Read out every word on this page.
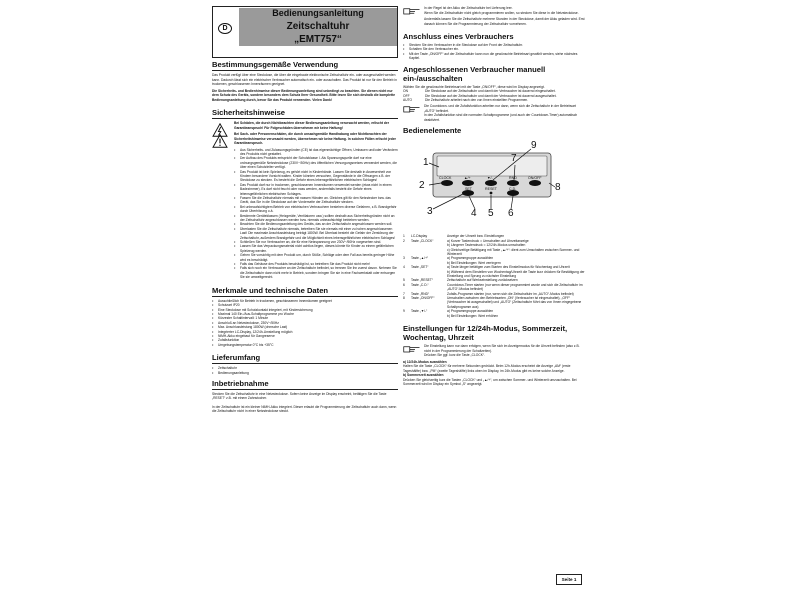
D
Bedienungsanleitung
Zeitschaltuhr
„EMT757“
Bestimmungsgemäße Verwendung

Das Produkt verfügt über eine Steckdose, die über die eingebaute elektronische Zeitschaltuhr ein- oder ausgeschaltet werden kann. Dadurch lässt sich ein elektrischer Verbraucher automatisch ein- oder ausschalten. Das Produkt ist nur für den Betrieb in trockenen, geschlossenen Innenräumen geeignet.

Die Sicherheits- und Bedienhinweise dieser Bedienungsanleitung sind unbedingt zu beachten. Sie dienen nicht nur dem Schutz des Geräts, sondern besonders dem Schutz Ihrer Gesundheit. Bitte lesen Sie sich deshalb die komplette Bedienungsanleitung durch, bevor Sie das Produkt verwenden. Vielen Dank!

Sicherheitshinweise

Bei Schäden, die durch Nichtbeachten dieser Bedienungsanleitung verursacht werden, erlischt der Garantieanspruch! Für Folgeschäden übernehmen wir keine Haftung!

Bei Sach- oder Personenschäden, die durch unsachgemäße Handhabung oder Nichtbeachten der Sicherheitshinweise verursacht werden, übernehmen wir keine Haftung. In solchen Fällen erlischt jeder Garantieanspruch.

•	Aus Sicherheits- und Zulassungsgründen (CE) ist das eigenmächtige Öffnen, Umbauen und/oder Verändern des Produkts nicht gestattet.
•	Der Aufbau des Produkts entspricht der Schutzklasse I. Als Spannungsquelle darf nur eine ordnungsgemäße Netzsteckdose (230V~/50Hz) des öffentlichen Versorgungsnetzes verwendet werden, die über einen Schutzleiter verfügt.
•	Das Produkt ist kein Spielzeug, es gehört nicht in Kinderhände. Lassen Sie deshalb in Anwesenheit von Kindern besondere Vorsicht walten. Kinder könnten versuchen, Gegenstände in die Öffnungen z.B. der Steckdose zu stecken. Es besteht die Gefahr eines lebensgefährlichen elektrischen Schlages!
•	Das Produkt darf nur in trockenen, geschlossenen Innenräumen verwendet werden (etwa nicht in einem Badezimmer). Es darf nicht feucht oder nass werden, andernfalls besteht die Gefahr eines lebensgefährlichen elektrischen Schlages.
•	Fassen Sie die Zeitschaltuhr niemals mit nassen Händen an. Gleiches gilt für den Netzstecker bzw. das Gerät, das Sie in die Steckdose auf der Vorderseite der Zeitschaltuhr stecken.
•	Bei unbeaufsichtigtem Betrieb von elektrischen Verbrauchern bestehen diverse Gefahren, z.B. Brandgefahr durch Überhitzung o.ä.
•	Bestimmte Geräteklassen (Heizgeräte, Ventilatoren usw.) sollten deshalb aus Sicherheitsgründen nicht an der Zeitschaltuhr angeschlossen werden bzw. niemals unbeaufsichtigt betrieben werden.
•	Beachten Sie die Bedienungsanleitung des Geräts, das an der Zeitschaltuhr angeschlossen werden soll.
•	Überlasten Sie die Zeitschaltuhr niemals, betreiben Sie sie niemals mit einer zu hohen angeschlossenen Last! Die maximale Anschlussleistung beträgt 1800W. Bei Überlast besteht die Gefahr der Zerstörung der Zeitschaltuhr, außerdem Brandgefahr und die Möglichkeit eines lebensgefährlichen elektrischen Schlages!
•	Schließen Sie nur Verbraucher an, die für eine Netzspannung von 230V~/50Hz vorgesehen sind.
•	Lassen Sie das Verpackungsmaterial nicht achtlos liegen, dieses könnte für Kinder zu einem gefährlichen Spielzeug werden.
•	Gehen Sie vorsichtig mit dem Produkt um, durch Stöße, Schläge oder dem Fall aus bereits geringer Höhe wird es beschädigt.
•	Falls das Gehäuse des Produkts beschädigt ist, so betreiben Sie das Produkt nicht mehr!
•	Falls sich noch ein Verbraucher an der Zeitschaltuhr befindet, so trennen Sie ihn zuerst davon. Nehmen Sie die Zeitschaltuhr dann nicht mehr in Betrieb, sondern bringen Sie sie in eine Fachwerkstatt oder entsorgen Sie sie umweltgerecht.
Merkmale und technische Daten
•	Ausschließlich für Betrieb in trockenen, geschlossenen Innenräumen geeignet
•	Schutzart IP20
•	Eine Steckdose mit Schutzkontakt integriert, mit Kindersicherung
•	Maximal 140 Ein-/Aus-Schaltprogramme pro Woche
•	Kürzester Schaltintervall: 1 Minute
•	Anschluß an Netzsteckdose, 230V~/50Hz
•	Max. Anschlussleistung 1800W (ohmsche Last)
•	Integrierter LC-Display, 12/24h-Umstellung möglich
•	NiMH-Akku eingebaut für Gangreserve
•	Zufallsfunktion
•	Umgebungstemperatur 0°C bis +35°C
Lieferumfang
•	Zeitschaltuhr
•	Bedienungsanleitung
Inbetriebnahme

Stecken Sie die Zeitschaltuhr in eine Netzsteckdose. Sofern keine Anzeige im Display erscheint, betätigen Sie die Taste „RESET“ z.B. mit einem Zahnstocher.

In der Zeitschaltuhr ist ein kleiner NiMH-Akku integriert. Dieser erlaubt die Programmierung der Zeitschaltuhr auch dann, wenn die Zeitschaltuhr nicht in einer Netzsteckdose steckt.

In der Regel ist der Akku der Zeitschaltuhr bei Lieferung leer.

Wenn Sie die Zeitschaltuhr nicht gleich programmieren wollen, so stecken Sie diese in die Netzsteckdose.

Andernfalls lassen Sie die Zeitschaltuhr mehrere Stunden in der Steckdose, damit der Akku geladen wird. Erst danach können Sie die Programmierung der Zeitschaltuhr vornehmen.

Anschluss eines Verbrauchers
•	Stecken Sie den Verbraucher in die Steckdose auf der Front der Zeitschaltuhr.
•	Schalten Sie den Verbraucher ein.
•	Mit der Taste „ON/OFF“ auf der Zeitschaltuhr kann nun die gewünschte Betriebsart gewählt werden, siehe nächstes Kapitel.
Angeschlossenen Verbraucher manuell ein-/ausschalten

Wählen Sie die gewünschte Betriebsart mit der Taste „ON/OFF“, diese wird im Display angezeigt.

ON	Die Steckdose auf der Zeitschaltuhr und damit der Verbraucher ist dauernd eingeschaltet.
OFF	Die Steckdose auf der Zeitschaltuhr und damit der Verbraucher ist dauernd ausgeschaltet.
AUTO	Die Zeitschaltuhr arbeitet nach den von Ihnen einstellten Programmen.

Die Countdown- und die Zufallsfunktion arbeiten nur dann, wenn sich die Zeitschaltuhr in der Betriebsart „AUTO“ befindet.

In den Zufallsfunktion sind die normalen Schaltprogramme (und auch der Countdown-Timer) automatisch deaktiviert.

Bedienelemente
1
2
3	4 5 6
7
8
9
CLOCK	▲/+	▼/-	RND	ON/OFF
SET	RESET	C.D.
1	LC-Display	Anzeige der Uhrzeit bzw. Einstellungen
2	Taste „CLOCK“	a) Kurzer Tastendruck = Umschalten auf Uhrzeitanzeige
b) Längerer Tastendruck = 12/24h-Modus umschalten
c) Gleichzeitige Betätigung mit Taste „▲/+“: dient zum Umschalten zwischen Sommer- und Winterzeit
3	Taste „▲/+“	a) Programmgruppe auswählen
b) Bei Einstellungen: Wert verringern
4	Taste „SET“	a) Taste länger betätigen zum Starten des Einstellmodus für Wochentag und Uhrzeit
b) Während dem Einstellen von Wochentag/Uhrzeit die Taste kurz drücken für Bestätigung der Einstellung und Sprung zu nächster Einstellung
5	Taste „RESET“	Zeitschaltuhr auf Werkseinstellung zurücksetzen
6	Taste „C.D.“	Countdown-Timer starten (nur wenn dieser programmiert wurde und sich die Zeitschaltuhr im „AUTO“-Modus befindet)
7	Taste „RND“	Zufalls-Programm starten (nur, wenn sich die Zeitschaltuhr im „AUTO“-Modus befindet)
8	Taste „ON/OFF“	Umschalten zwischen den Betriebsarten „ON“ (Verbraucher ist eingeschaltet), „OFF“ (Verbraucher ist ausgeschaltet) und „AUTO“ (Zeitschaltuhr führt das von Ihnen eingegebene Schaltprogramm aus)
9	Taste „▼/-“	a) Programmgruppe auswählen
b) Bei Einstellungen: Wert erhöhen
Einstellungen für 12/24h-Modus, Sommerzeit, Wochentag, Uhrzeit

Die Einstellung kann nur dann erfolgen, wenn Sie sich im Anzeigemodus für die Uhrzeit befinden (also z.B. nicht in der Programmierung der Schaltzeiten).

Drücken Sie ggf. kurz die Taste „CLOCK“.

a) 12/24h-Modus auswählen

Halten Sie die Taste „CLOCK“ für mehrere Sekunden gedrückt. Beim 12h-Modus erscheint die Anzeige „AM“ (erste Tageshälfte) bzw. „PM“ (zweite Tageshälfte) links oben im Display, im 24h-Modus gibt es keine solche Anzeige.

b) Sommerzeit auswählen

Drücken Sie gleichzeitig kurz die Tasten „CLOCK“ und „▲/+“, um zwischen Sommer- und Winterzeit umzuschalten. Bei Sommerzeit wird im Display ein Symbol „S“ angezeigt.

Seite 1
